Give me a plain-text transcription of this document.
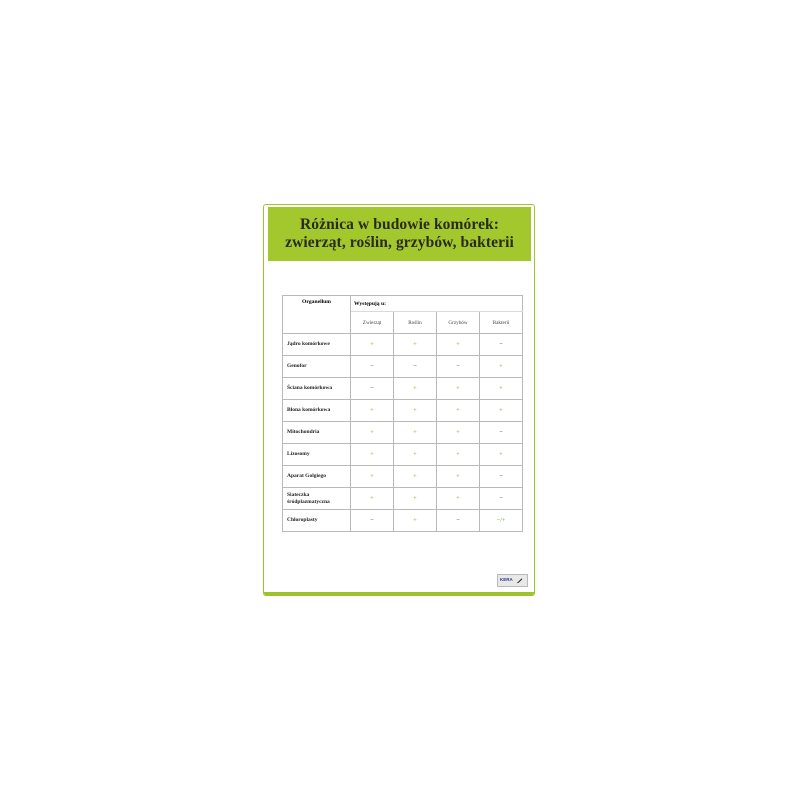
Różnica w budowie komórek:
zwierząt, roślin, grzybów, bakterii
Organellum	Występują u:			
	Zwierząt	Roślin	Grzybów	Bakterii
Jądro komórkowe	+	+	+	−
Genofor	−	−	−	+
Ściana komórkowa	−	+	+	+
Błona komórkowa	+	+	+	+
Mitochondria	+	+	+	−
Lizosomy	+	+	+	+
Aparat Golgiego	+	+	+	−
Siateczka śródplazmatyczna	+	+	+	−
Chloroplasty	−	+	−	−/+
KERA
